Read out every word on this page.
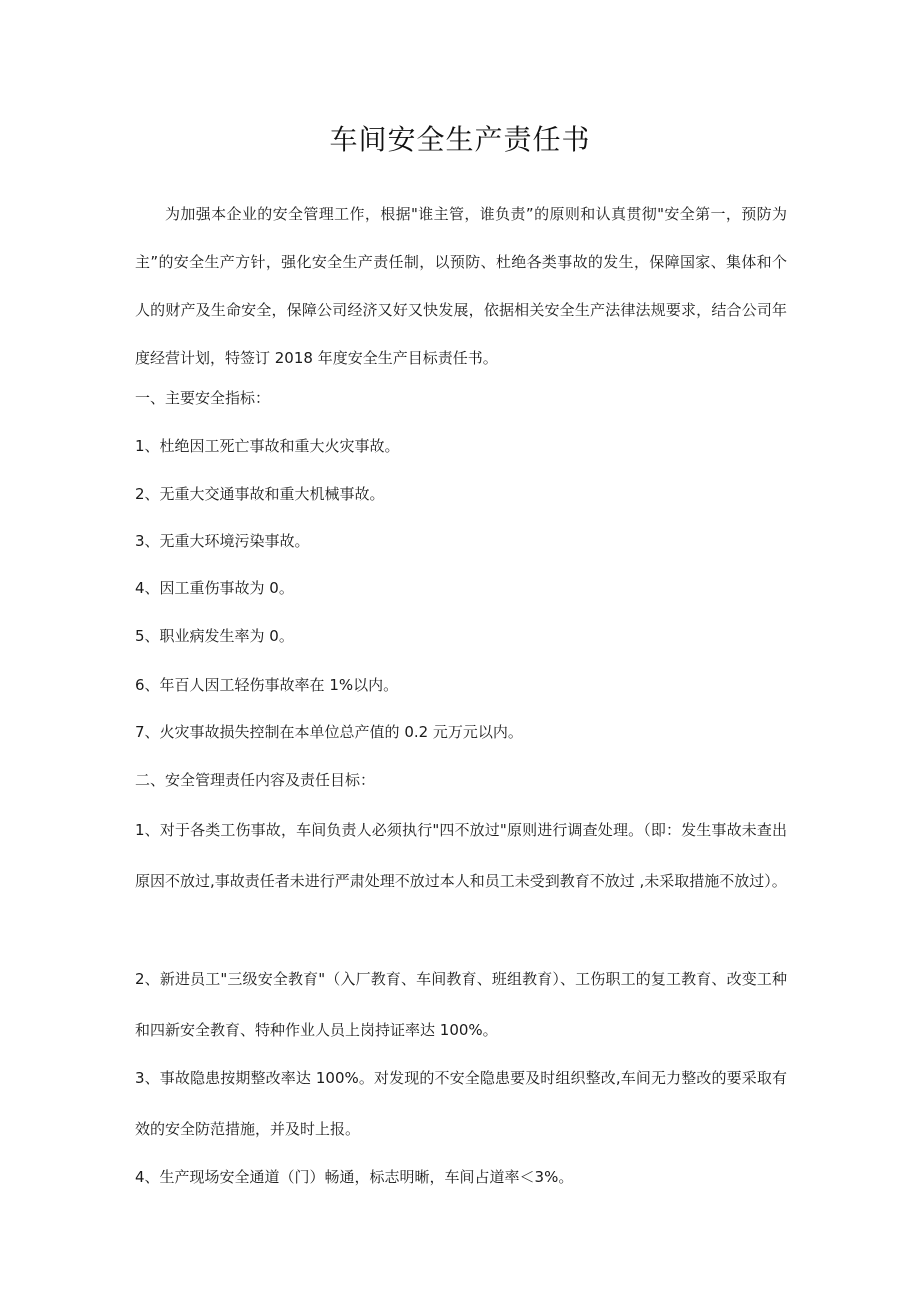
车间安全生产责任书

为加强本企业的安全管理工作，根据"谁主管，谁负责”的原则和认真贯彻"安全第一，预防为主”的安全生产方针，强化安全生产责任制，以预防、杜绝各类事故的发生，保障国家、集体和个人的财产及生命安全，保障公司经济又好又快发展，依据相关安全生产法律法规要求，结合公司年度经营计划，特签订 2018 年度安全生产目标责任书。

一、主要安全指标：

1、杜绝因工死亡事故和重大火灾事故。

2、无重大交通事故和重大机械事故。

3、无重大环境污染事故。

4、因工重伤事故为 0。

5、职业病发生率为 0。

6、年百人因工轻伤事故率在 1%以内。

7、火灾事故损失控制在本单位总产值的 0.2 元万元以内。

二、安全管理责任内容及责任目标：

1、对于各类工伤事故，车间负责人必须执行"四不放过"原则进行调查处理。（即：发生事故未查出原因不放过,事故责任者未进行严肃处理不放过本人和员工未受到教育不放过 ,未采取措施不放过）。

2、新进员工"三级安全教育"（入厂教育、车间教育、班组教育）、工伤职工的复工教育、改变工种和四新安全教育、特种作业人员上岗持证率达 100%。

3、事故隐患按期整改率达 100%。对发现的不安全隐患要及时组织整改,车间无力整改的要采取有效的安全防范措施，并及时上报。

4、生产现场安全通道（门）畅通，标志明晰，车间占道率＜3%。
